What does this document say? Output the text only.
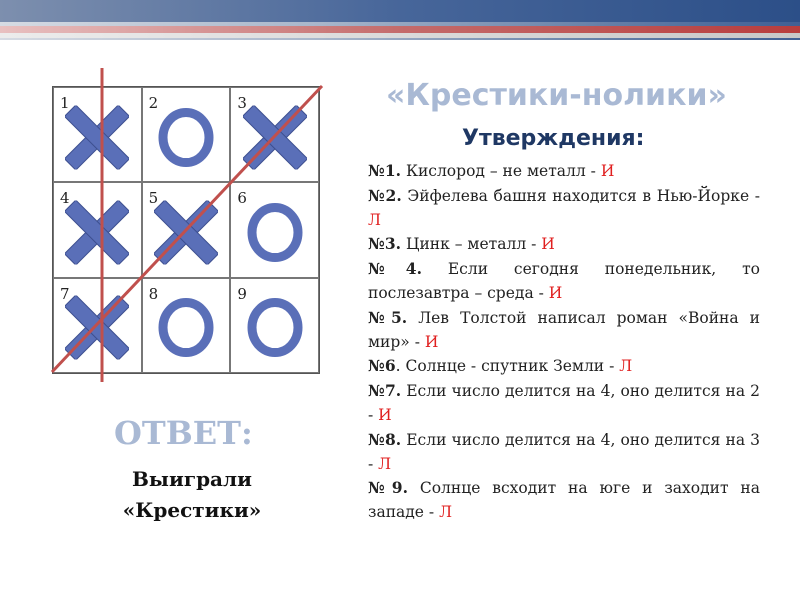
1	2	3
4	5	6
7	8	9
«Крестики-нолики»
Утверждения:

№1. Кислород – не металл - И

№2. Эйфелева башня находится в Нью-Йорке - Л

№3. Цинк – металл - И

№4. Если сегодня понедельник, то послезавтра – среда - И

№5. Лев Толстой написал роман «Война и мир» - И

№6. Солнце - спутник Земли - Л

№7. Если число делится на 4, оно делится на 2 - И

№8. Если число делится на 4, оно делится на 3 - Л

№9. Солнце всходит на юге и заходит на западе - Л

ОТВЕТ:
Выиграли
«Крестики»
